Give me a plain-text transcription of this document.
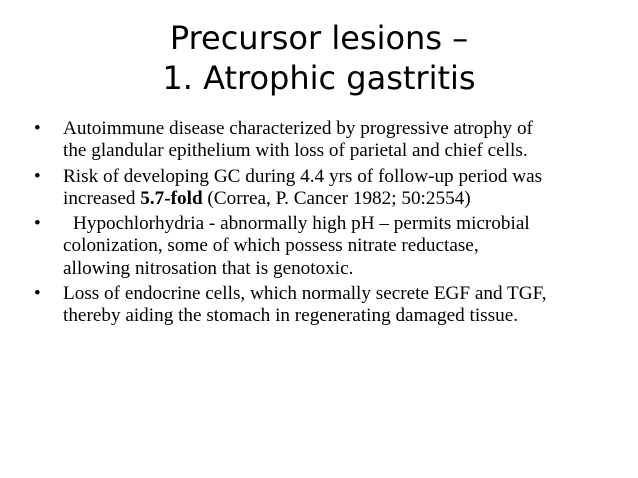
Precursor lesions –
1. Atrophic gastritis
•	Autoimmune disease characterized by progressive atrophy of
the glandular epithelium with loss of parietal and chief cells.
•	Risk of developing GC during 4.4 yrs of follow-up period was
increased 5.7-fold (Correa, P. Cancer 1982; 50:2554)
•	Hypochlorhydria - abnormally high pH – permits microbial
colonization, some of which possess nitrate reductase,
allowing nitrosation that is genotoxic.
•	Loss of endocrine cells, which normally secrete EGF and TGF,
thereby aiding the stomach in regenerating damaged tissue.
